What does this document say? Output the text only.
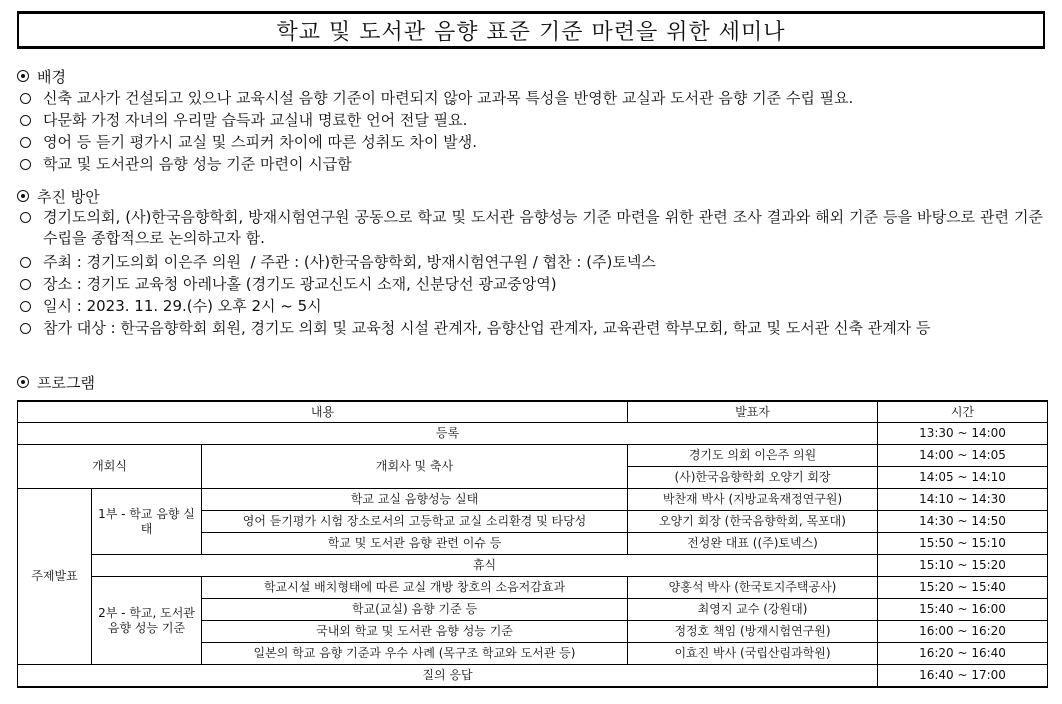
학교 및 도서관 음향 표준 기준 마련을 위한 세미나
배경
신축 교사가 건설되고 있으나 교육시설 음향 기준이 마련되지 않아 교과목 특성을 반영한 교실과 도서관 음향 기준 수립 필요.
다문화 가정 자녀의 우리말 습득과 교실내 명료한 언어 전달 필요.
영어 등 듣기 평가시 교실 및 스피커 차이에 따른 성취도 차이 발생.
학교 및 도서관의 음향 성능 기준 마련이 시급함
추진 방안
경기도의회, (사)한국음향학회, 방재시험연구원 공동으로 학교 및 도서관 음향성능 기준 마련을 위한 관련 조사 결과와 해외 기준 등을 바탕으로 관련 기준 수립을 종합적으로 논의하고자 함.
주최 : 경기도의회 이은주 의원  / 주관 : (사)한국음향학회, 방재시험연구원 / 협찬 : (주)토넥스
장소 : 경기도 교육청 아레나홀 (경기도 광교신도시 소재, 신분당선 광교중앙역)
일시 : 2023. 11. 29.(수) 오후 2시 ~ 5시
참가 대상 : 한국음향학회 회원, 경기도 의회 및 교육청 시설 관계자, 음향산업 관계자, 교육관련 학부모회, 학교 및 도서관 신축 관계자 등
프로그램
내용			발표자	시간
등록				13:30 ~ 14:00
개회식		개회사 및 축사	경기도 의회 이은주 의원	14:00 ~ 14:05
			(사)한국음향학회 오양기 회장	14:05 ~ 14:10
주제발표	1부 - 학교 음향 실태	학교 교실 음향성능 실태	박찬재 박사 (지방교육재정연구원)	14:10 ~ 14:30
		영어 듣기평가 시험 장소로서의 고등학교 교실 소리환경 및 타당성	오양기 회장 (한국음향학회, 목포대)	14:30 ~ 14:50
		학교 및 도서관 음향 관련 이슈 등	전성완 대표 ((주)토넥스)	15:50 ~ 15:10
	휴식			15:10 ~ 15:20
	2부 - 학교, 도서관 음향 성능 기준	학교시설 배치형태에 따른 교실 개방 창호의 소음저감효과	양홍석 박사 (한국토지주택공사)	15:20 ~ 15:40
		학교(교실) 음향 기준 등	최영지 교수 (강원대)	15:40 ~ 16:00
		국내외 학교 및 도서관 음향 성능 기준	정정호 책임 (방재시험연구원)	16:00 ~ 16:20
		일본의 학교 음향 기준과 우수 사례 (목구조 학교와 도서관 등)	이효진 박사 (국립산림과학원)	16:20 ~ 16:40
질의 응답				16:40 ~ 17:00
